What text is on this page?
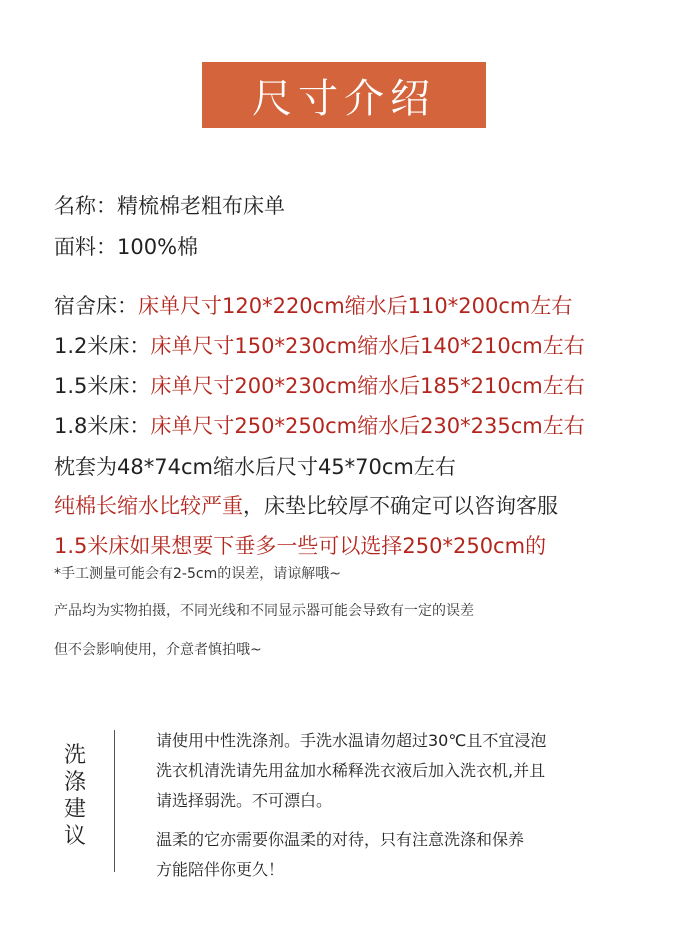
尺寸介绍
名称：精梳棉老粗布床单
面料：100%棉
宿舍床：床单尺寸120*220cm缩水后110*200cm左右
1.2米床：床单尺寸150*230cm缩水后140*210cm左右
1.5米床：床单尺寸200*230cm缩水后185*210cm左右
1.8米床：床单尺寸250*250cm缩水后230*235cm左右
枕套为48*74cm缩水后尺寸45*70cm左右
纯棉长缩水比较严重，床垫比较厚不确定可以咨询客服
1.5米床如果想要下垂多一些可以选择250*250cm的
*手工测量可能会有2-5cm的误差，请谅解哦~
产品均为实物拍摄，不同光线和不同显示器可能会导致有一定的误差
但不会影响使用，介意者慎拍哦~
洗
涤
建
议
请使用中性洗涤剂。手洗水温请勿超过30℃且不宜浸泡
洗衣机清洗请先用盆加水稀释洗衣液后加入洗衣机,并且
请选择弱洗。不可漂白。
温柔的它亦需要你温柔的对待，只有注意洗涤和保养
方能陪伴你更久！
